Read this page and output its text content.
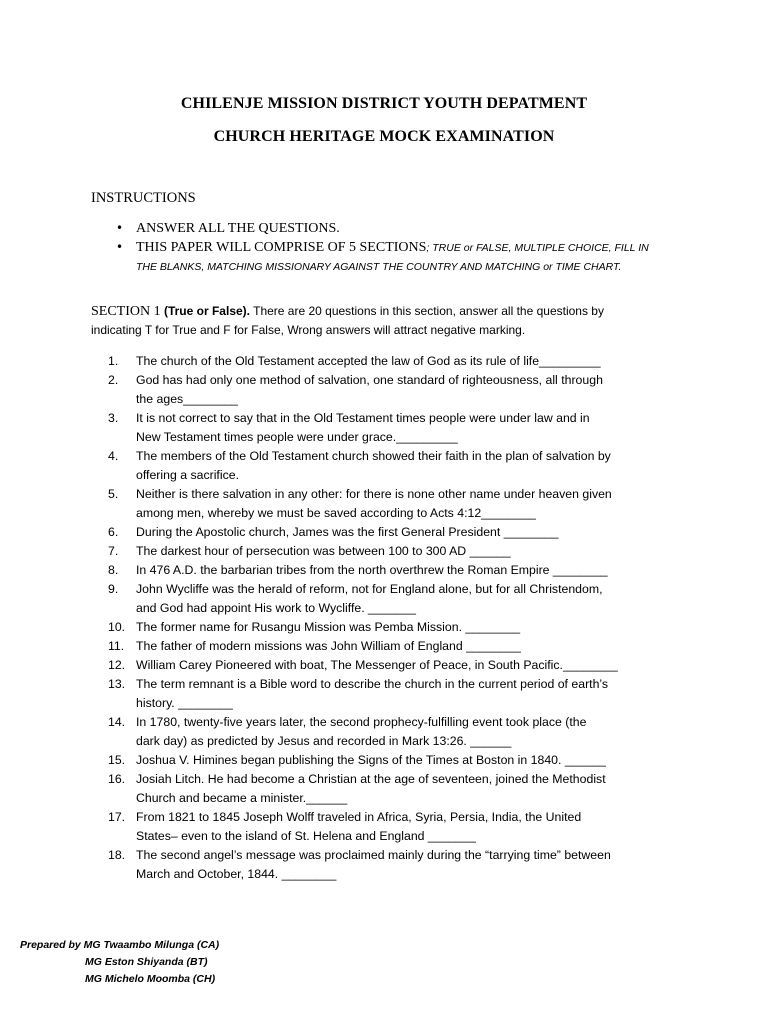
CHILENJE MISSION DISTRICT YOUTH DEPATMENT
CHURCH HERITAGE MOCK EXAMINATION
INSTRUCTIONS
• ANSWER ALL THE QUESTIONS.
• THIS PAPER WILL COMPRISE OF 5 SECTIONS; TRUE or FALSE, MULTIPLE CHOICE, FILL IN
THE BLANKS, MATCHING MISSIONARY AGAINST THE COUNTRY AND MATCHING or TIME CHART.
SECTION 1 (True or False). There are 20 questions in this section, answer all the questions by
indicating T for True and F for False, Wrong answers will attract negative marking.
1. The church of the Old Testament accepted the law of God as its rule of life_________
2. God has had only one method of salvation, one standard of righteousness, all through
the ages________
3. It is not correct to say that in the Old Testament times people were under law and in
New Testament times people were under grace._________
4. The members of the Old Testament church showed their faith in the plan of salvation by
offering a sacrifice.
5. Neither is there salvation in any other: for there is none other name under heaven given
among men, whereby we must be saved according to Acts 4:12________
6. During the Apostolic church, James was the first General President ________
7. The darkest hour of persecution was between 100 to 300 AD ______
8. In 476 A.D. the barbarian tribes from the north overthrew the Roman Empire ________
9. John Wycliffe was the herald of reform, not for England alone, but for all Christendom,
and God had appoint His work to Wycliffe. _______
10. The former name for Rusangu Mission was Pemba Mission. ________
11. The father of modern missions was John William of England ________
12. William Carey Pioneered with boat, The Messenger of Peace, in South Pacific.________
13. The term remnant is a Bible word to describe the church in the current period of earth’s
history. ________
14. In 1780, twenty-five years later, the second prophecy-fulfilling event took place (the
dark day) as predicted by Jesus and recorded in Mark 13:26. ______
15. Joshua V. Himines began publishing the Signs of the Times at Boston in 1840. ______
16. Josiah Litch. He had become a Christian at the age of seventeen, joined the Methodist
Church and became a minister.______
17. From 1821 to 1845 Joseph Wolff traveled in Africa, Syria, Persia, India, the United
States– even to the island of St. Helena and England _______
18. The second angel’s message was proclaimed mainly during the “tarrying time” between
March and October, 1844. ________
Prepared by MG Twaambo Milunga (CA)
MG Eston Shiyanda (BT)
MG Michelo Moomba (CH)
